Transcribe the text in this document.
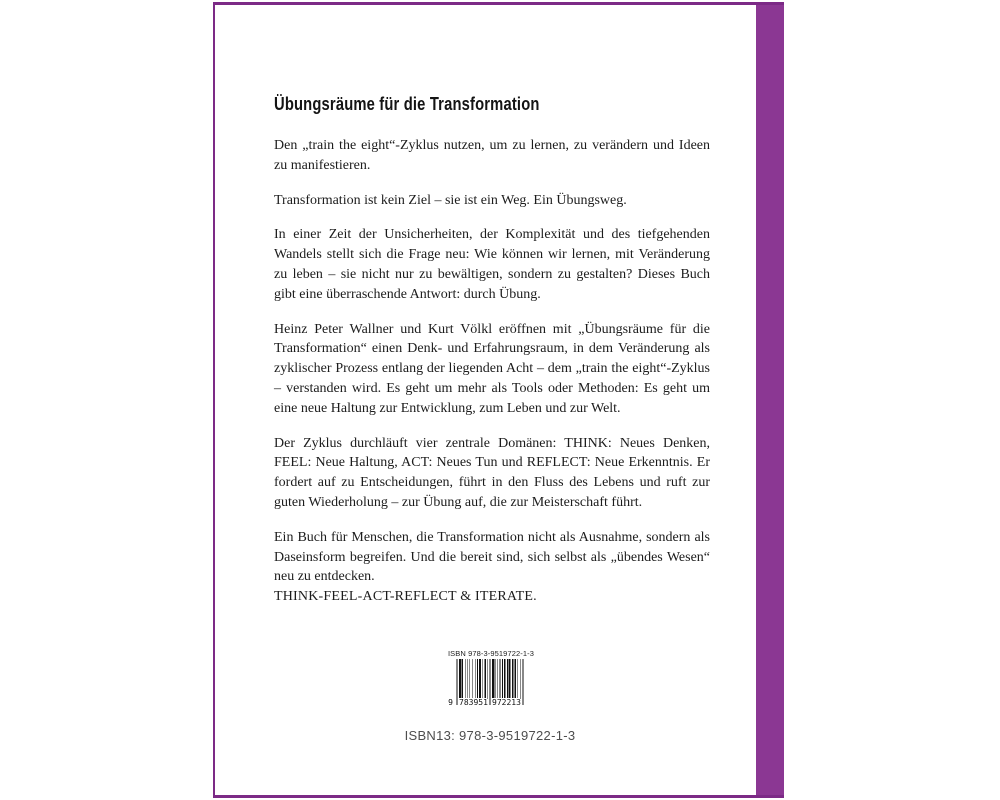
Übungsräume für die Transformation

Den „train the eight“-Zyklus nutzen, um zu lernen, zu verändern und Ideen zu manifestieren.

Transformation ist kein Ziel – sie ist ein Weg. Ein Übungsweg.

In einer Zeit der Unsicherheiten, der Komplexität und des tiefgehenden Wandels stellt sich die Frage neu: Wie können wir lernen, mit Veränderung zu leben – sie nicht nur zu bewältigen, sondern zu gestalten? Dieses Buch gibt eine überraschende Antwort: durch Übung.

Heinz Peter Wallner und Kurt Völkl eröffnen mit „Übungsräume für die Transformation“ einen Denk- und Erfahrungsraum, in dem Veränderung als zyklischer Prozess entlang der liegenden Acht – dem „train the eight“-Zyklus – verstanden wird. Es geht um mehr als Tools oder Methoden: Es geht um eine neue Haltung zur Entwicklung, zum Leben und zur Welt.

Der Zyklus durchläuft vier zentrale Domänen: THINK: Neues Denken, FEEL: Neue Haltung, ACT: Neues Tun und REFLECT: Neue Erkenntnis. Er fordert auf zu Entscheidungen, führt in den Fluss des Lebens und ruft zur guten Wiederholung – zur Übung auf, die zur Meisterschaft führt.

Ein Buch für Menschen, die Transformation nicht als Ausnahme, sondern als Daseinsform begreifen. Und die bereit sind, sich selbst als „übendes Wesen“ neu zu entdecken.

THINK-FEEL-ACT-REFLECT & ITERATE.
ISBN 978-3-9519722-1-3
9 783951 972213
ISBN13: 978-3-9519722-1-3
